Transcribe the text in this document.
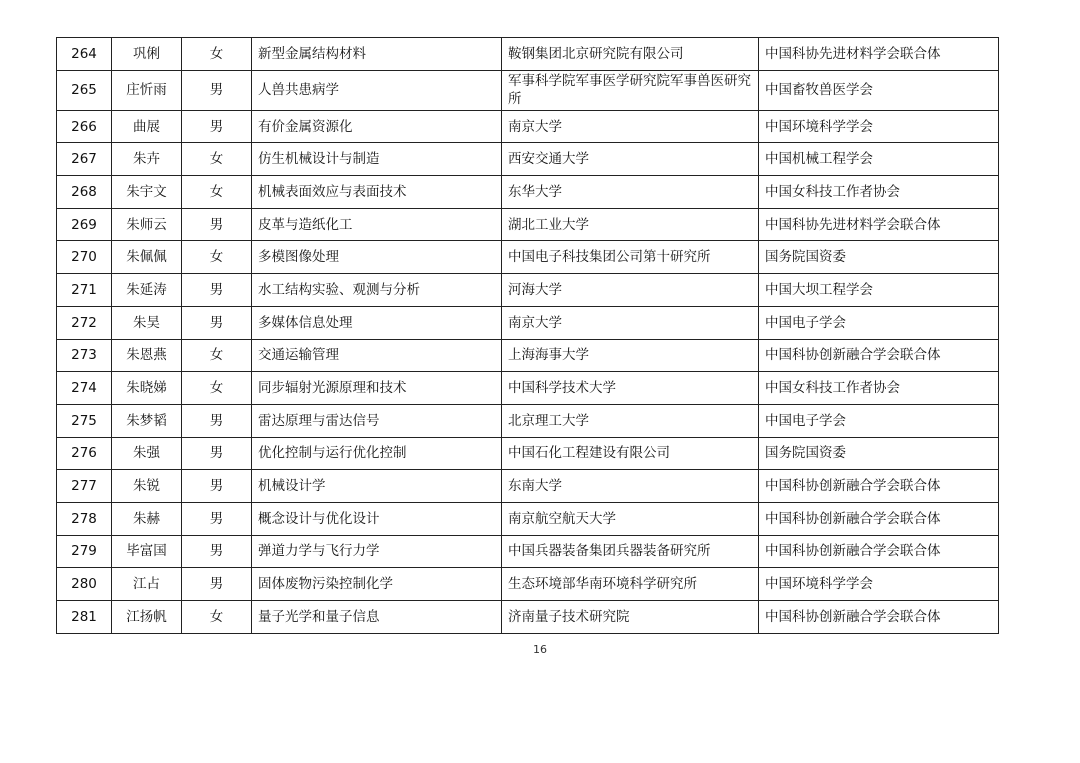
264	巩俐	女	新型金属结构材料	鞍钢集团北京研究院有限公司	中国科协先进材料学会联合体
265	庄忻雨	男	人兽共患病学	军事科学院军事医学研究院军事兽医研究所	中国畜牧兽医学会
266	曲展	男	有价金属资源化	南京大学	中国环境科学学会
267	朱卉	女	仿生机械设计与制造	西安交通大学	中国机械工程学会
268	朱宇文	女	机械表面效应与表面技术	东华大学	中国女科技工作者协会
269	朱师云	男	皮革与造纸化工	湖北工业大学	中国科协先进材料学会联合体
270	朱佩佩	女	多模图像处理	中国电子科技集团公司第十研究所	国务院国资委
271	朱延涛	男	水工结构实验、观测与分析	河海大学	中国大坝工程学会
272	朱昊	男	多媒体信息处理	南京大学	中国电子学会
273	朱恩燕	女	交通运输管理	上海海事大学	中国科协创新融合学会联合体
274	朱晓娣	女	同步辐射光源原理和技术	中国科学技术大学	中国女科技工作者协会
275	朱梦韬	男	雷达原理与雷达信号	北京理工大学	中国电子学会
276	朱强	男	优化控制与运行优化控制	中国石化工程建设有限公司	国务院国资委
277	朱锐	男	机械设计学	东南大学	中国科协创新融合学会联合体
278	朱赫	男	概念设计与优化设计	南京航空航天大学	中国科协创新融合学会联合体
279	毕富国	男	弹道力学与飞行力学	中国兵器装备集团兵器装备研究所	中国科协创新融合学会联合体
280	江占	男	固体废物污染控制化学	生态环境部华南环境科学研究所	中国环境科学学会
281	江扬帆	女	量子光学和量子信息	济南量子技术研究院	中国科协创新融合学会联合体
16
